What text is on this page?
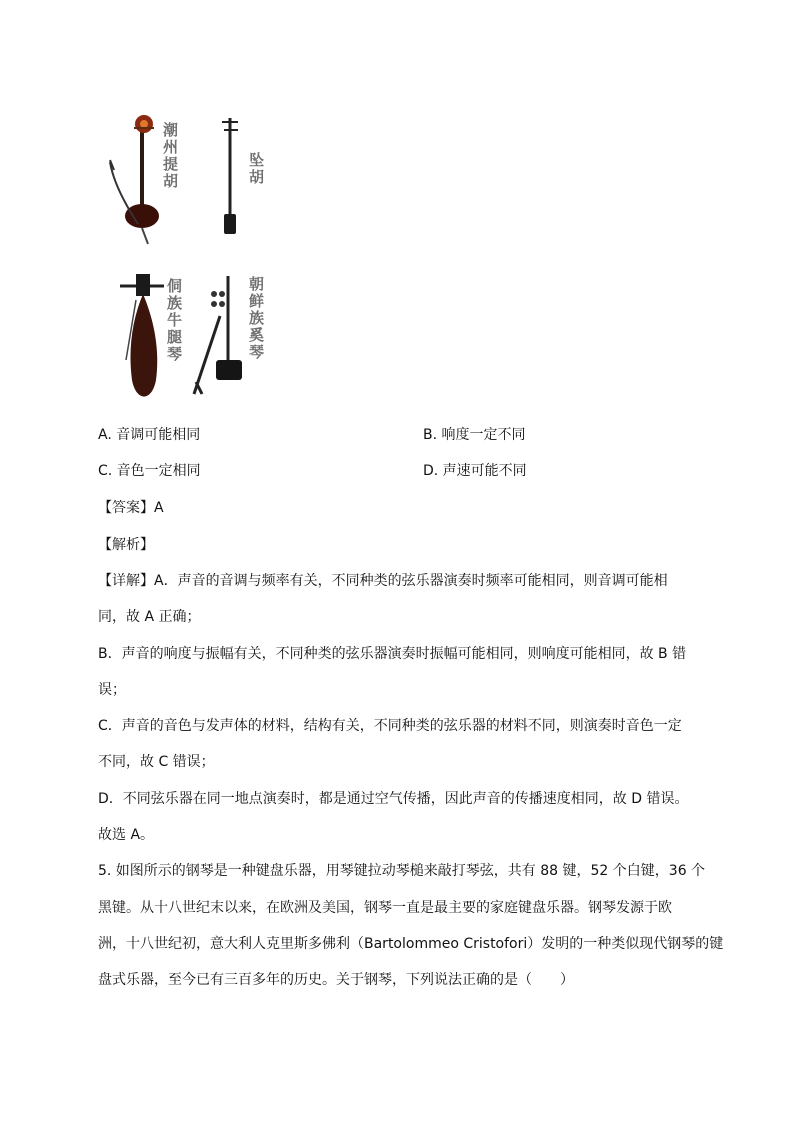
潮州提胡	坠胡
侗族牛腿琴	朝鲜族奚琴
A. 音调可能相同	B. 响度一定不同
C. 音色一定相同	D. 声速可能不同
【答案】A
【解析】
【详解】A．声音的音调与频率有关，不同种类的弦乐器演奏时频率可能相同，则音调可能相
同，故 A 正确；
B．声音的响度与振幅有关，不同种类的弦乐器演奏时振幅可能相同，则响度可能相同，故 B 错
误；
C．声音的音色与发声体的材料，结构有关，不同种类的弦乐器的材料不同，则演奏时音色一定
不同，故 C 错误；
D．不同弦乐器在同一地点演奏时，都是通过空气传播，因此声音的传播速度相同，故 D 错误。
故选 A。
5. 如图所示的钢琴是一种键盘乐器，用琴键拉动琴槌来敲打琴弦，共有 88 键，52 个白键，36 个
黑键。从十八世纪末以来，在欧洲及美国，钢琴一直是最主要的家庭键盘乐器。钢琴发源于欧
洲，十八世纪初，意大利人克里斯多佛利（Bartolommeo Cristofori）发明的一种类似现代钢琴的键
盘式乐器，至今已有三百多年的历史。关于钢琴，下列说法正确的是（　　）
